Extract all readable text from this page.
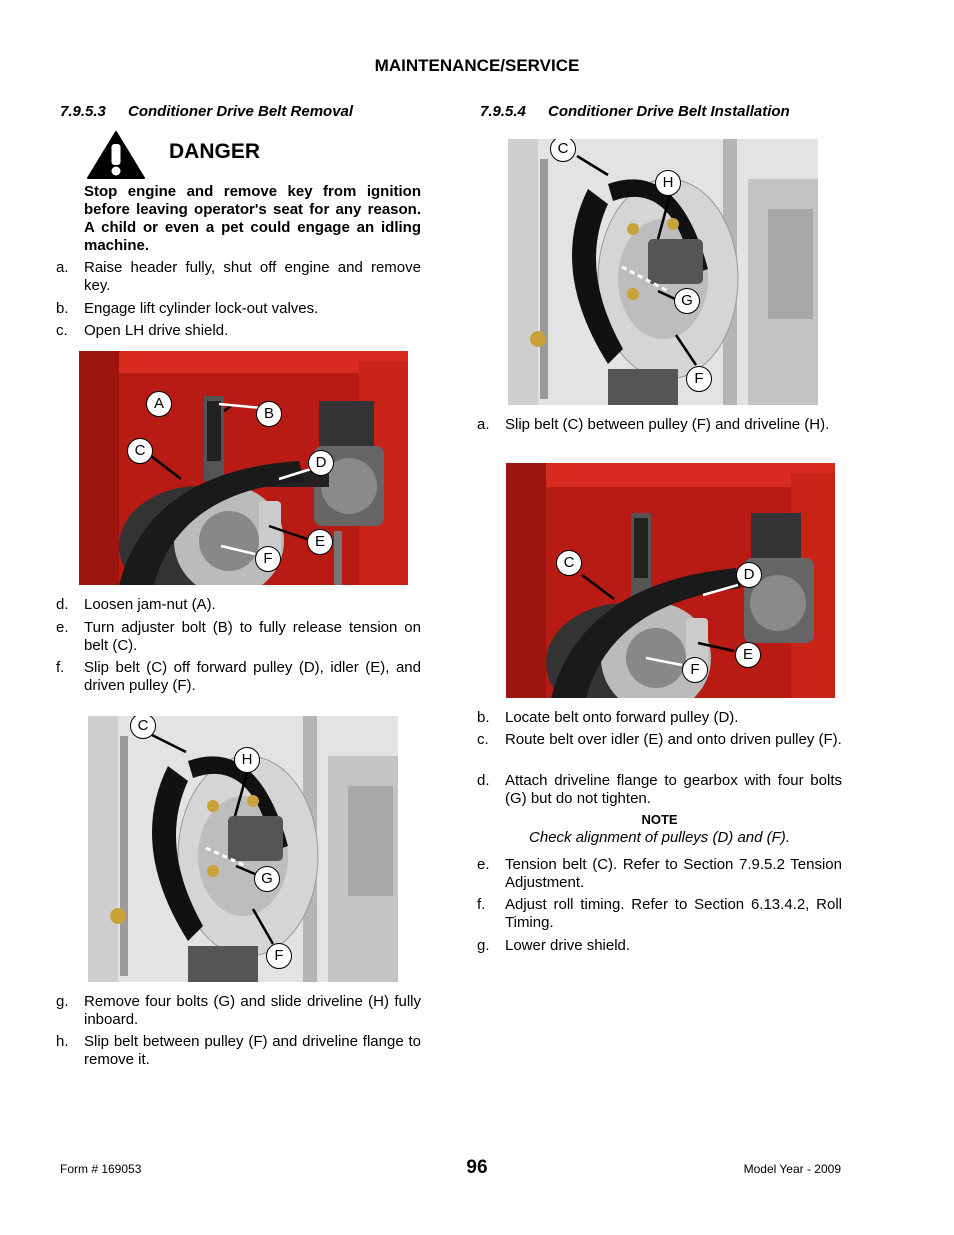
MAINTENANCE/SERVICE
7.9.5.3 Conditioner Drive Belt Removal
DANGER
Stop engine and remove key from ignition before leaving operator's seat for any reason. A child or even a pet could engage an idling machine.
a. Raise header fully, shut off engine and remove key.
b. Engage lift cylinder lock-out valves.
c. Open LH drive shield.
A
B
C
D
E
F
d. Loosen jam-nut (A).
e. Turn adjuster bolt (B) to fully release tension on belt (C).
f. Slip belt (C) off forward pulley (D), idler (E), and driven pulley (F).
C
H
G
F
g. Remove four bolts (G) and slide driveline (H) fully inboard.
h. Slip belt between pulley (F) and driveline flange to remove it.
7.9.5.4 Conditioner Drive Belt Installation
C
H
G
F
a. Slip belt (C) between pulley (F) and driveline (H).
C
D
E
F
b. Locate belt onto forward pulley (D).
c. Route belt over idler (E) and onto driven pulley (F).
d. Attach driveline flange to gearbox with four bolts (G) but do not tighten.
NOTE
Check alignment of pulleys (D) and (F).
e. Tension belt (C). Refer to Section 7.9.5.2 Tension Adjustment.
f. Adjust roll timing. Refer to Section 6.13.4.2, Roll Timing.
g. Lower drive shield.
Form # 169053	96	Model Year - 2009
